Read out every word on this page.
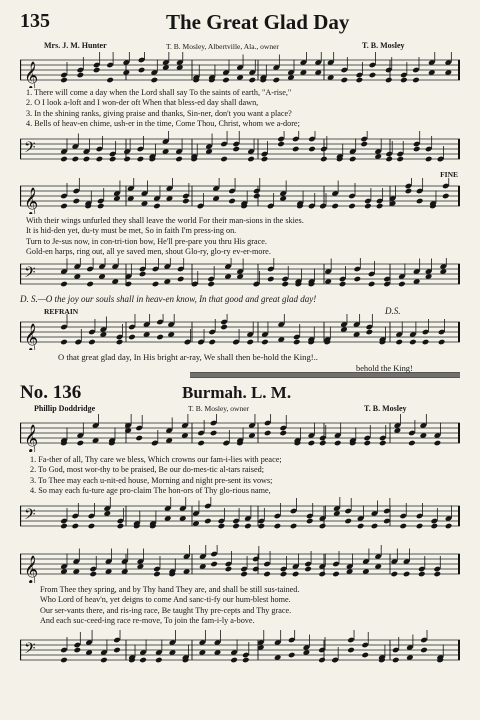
135	The Great Glad Day
Mrs. J. M. Hunter	T. B. Mosley, Albertville, Ala., owner	T. B. Mosley
𝄞
1. There will come a day when the Lord shall say To the saints of earth, "A-rise,"
2. O I look a-loft and I won-der oft When that bless-ed day shall dawn,
3. In the shining ranks, giving praise and thanks, Sin-ner, don't you want a place?
4. Bells of heav-en chime, ush-er in the time, Come Thou, Christ, whom we a-dore;
𝄢
FINE
𝄞
With their wings unfurled they shall leave the world For their man-sions in the skies.
It is hid-den yet, du-ty must be met, So in faith I'm press-ing on.
Turn to Je-sus now, in con-tri-tion bow, He'll pre-pare you thru His grace.
Gold-en harps, ring out, all ye saved men, shout Glo-ry, glo-ry ev-er-more.
𝄢
D. S.—O the joy our souls shall in heav-en know, In that good and great glad day!
REFRAIN	D.S.
𝄞
O that great glad day, In His bright ar-ray, We shall then be-hold the King!..
behold the King!
No. 136	Burmah. L. M.
Phillip Doddridge	T. B. Mosley, owner	T. B. Mosley
𝄞
1. Fa-ther of all, Thy care we bless, Which crowns our fam-i-lies with peace;
2. To God, most wor-thy to be praised, Be our do-mes-tic al-tars raised;
3. To Thee may each u-nit-ed house, Morning and night pre-sent its vows;
4. So may each fu-ture age pro-claim The hon-ors of Thy glo-rious name,
𝄢
𝄞
From Thee they spring, and by Thy hand They are, and shall be still sus-tained.
Who Lord of heav'n, yet deigns to come And sanc-ti-fy our hum-blest home.
Our ser-vants there, and ris-ing race, Be taught Thy pre-cepts and Thy grace.
And each suc-ceed-ing race re-move, To join the fam-i-ly a-bove.
𝄢
